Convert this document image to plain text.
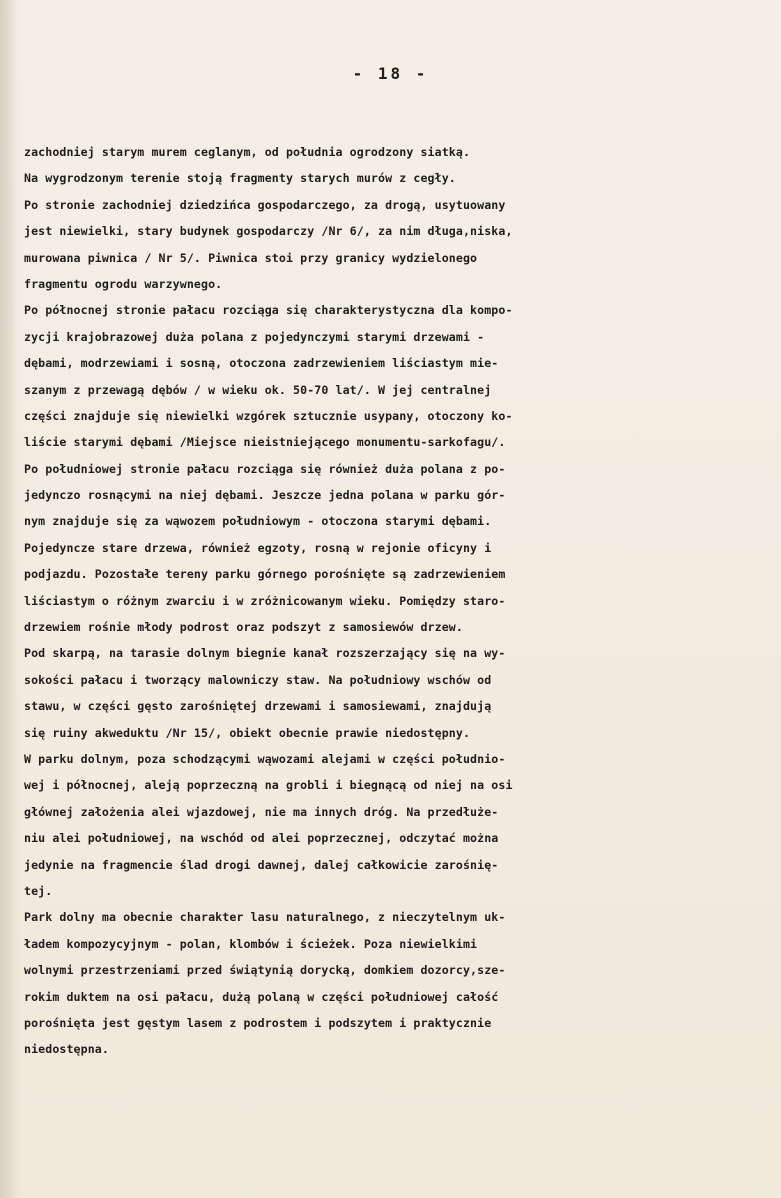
- 18 -
zachodniej starym murem ceglanym, od południa ogrodzony siatką.
Na wygrodzonym terenie stoją fragmenty starych murów z cegły.
Po stronie zachodniej dziedzińca gospodarczego, za drogą, usytuowany
jest niewielki, stary budynek gospodarczy /Nr 6/, za nim długa,niska,
murowana piwnica / Nr 5/. Piwnica stoi przy granicy wydzielonego
fragmentu ogrodu warzywnego.
Po północnej stronie pałacu rozciąga się charakterystyczna dla kompo-
zycji krajobrazowej duża polana z pojedynczymi starymi drzewami -
dębami, modrzewiami i sosną, otoczona zadrzewieniem liściastym mie-
szanym z przewagą dębów / w wieku ok. 50-70 lat/. W jej centralnej
części znajduje się niewielki wzgórek sztucznie usypany, otoczony ko-
liście starymi dębami /Miejsce nieistniejącego monumentu-sarkofagu/.
Po południowej stronie pałacu rozciąga się również duża polana z po-
jedynczo rosnącymi na niej dębami. Jeszcze jedna polana w parku gór-
nym znajduje się za wąwozem południowym - otoczona starymi dębami.
Pojedyncze stare drzewa, również egzoty, rosną w rejonie oficyny i
podjazdu. Pozostałe tereny parku górnego porośnięte są zadrzewieniem
liściastym o różnym zwarciu i w zróżnicowanym wieku. Pomiędzy staro-
drzewiem rośnie młody podrost oraz podszyt z samosiewów drzew.
Pod skarpą, na tarasie dolnym biegnie kanał rozszerzający się na wy-
sokości pałacu i tworzący malowniczy staw. Na południowy wschów od
stawu, w części gęsto zarośniętej drzewami i samosiewami, znajdują
się ruiny akweduktu /Nr 15/, obiekt obecnie prawie niedostępny.
W parku dolnym, poza schodzącymi wąwozami alejami w części południo-
wej i północnej, aleją poprzeczną na grobli i biegnącą od niej na osi
głównej założenia alei wjazdowej, nie ma innych dróg. Na przedłuże-
niu alei południowej, na wschód od alei poprzecznej, odczytać można
jedynie na fragmencie ślad drogi dawnej, dalej całkowicie zarośnię-
tej.
Park dolny ma obecnie charakter lasu naturalnego, z nieczytelnym uk-
ładem kompozycyjnym - polan, klombów i ścieżek. Poza niewielkimi
wolnymi przestrzeniami przed świątynią dorycką, domkiem dozorcy,sze-
rokim duktem na osi pałacu, dużą polaną w części południowej całość
porośnięta jest gęstym lasem z podrostem i podszytem i praktycznie
niedostępna.
